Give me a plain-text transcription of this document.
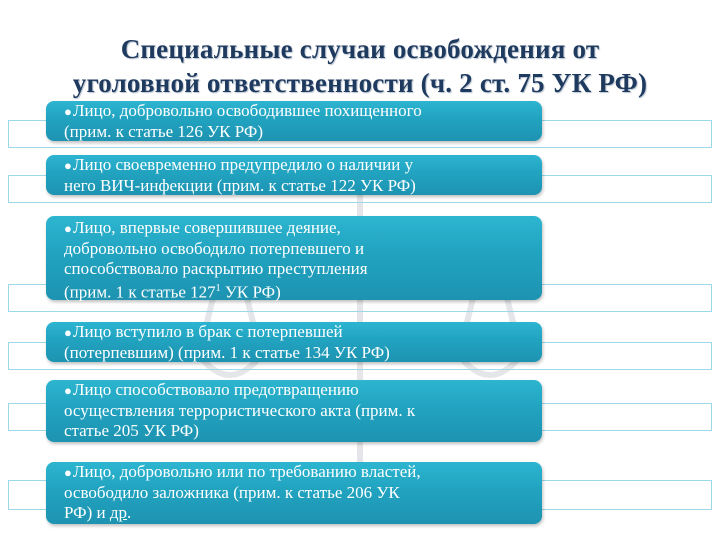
Специальные случаи освобождения от
уголовной ответственности (ч. 2 ст. 75 УК РФ)

●Лицо, добровольно освободившее похищенного

(прим. к статье 126 УК РФ)

●Лицо своевременно предупредило о наличии у

него ВИЧ-инфекции (прим. к статье 122 УК РФ)

●Лицо, впервые совершившее деяние,

добровольно освободило потерпевшего и

способствовало раскрытию преступления

(прим. 1 к статье $127^1$ УК РФ)

●Лицо вступило в брак с потерпевшей

(потерпевшим) (прим. 1 к статье 134 УК РФ)

●Лицо способствовало предотвращению

осуществления террористического акта (прим. к

статье 205 УК РФ)

●Лицо, добровольно или по требованию властей,

освободило заложника (прим. к статье 206 УК

РФ) и др.
